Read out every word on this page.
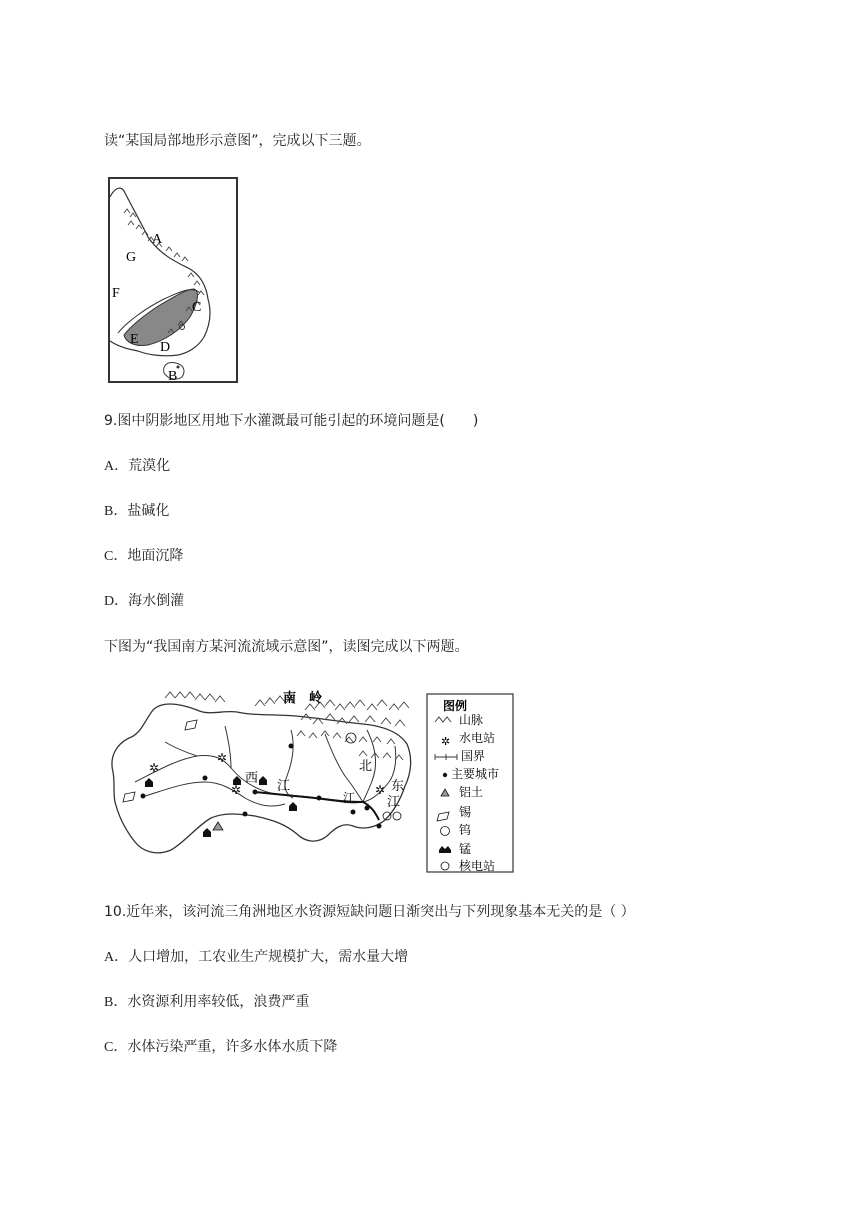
读“某国局部地形示意图”，完成以下三题。
A
G
F
C
E
D
B
9.图中阴影地区用地下水灌溉最可能引起的环境问题是(　　)
A．荒漠化
B．盐碱化
C．地面沉降
D．海水倒灌
下图为“我国南方某河流流域示意图”，读图完成以下两题。
✲
✲
✲
✲
南　岭
西
江
北
江
东
江
图例
✲
山脉
水电站
国界
主要城市
铝土
锡
钨
锰
核电站
10.近年来，该河流三角洲地区水资源短缺问题日渐突出与下列现象基本无关的是（ ）
A．人口增加，工农业生产规模扩大，需水量大增
B．水资源利用率较低，浪费严重
C．水体污染严重，许多水体水质下降
